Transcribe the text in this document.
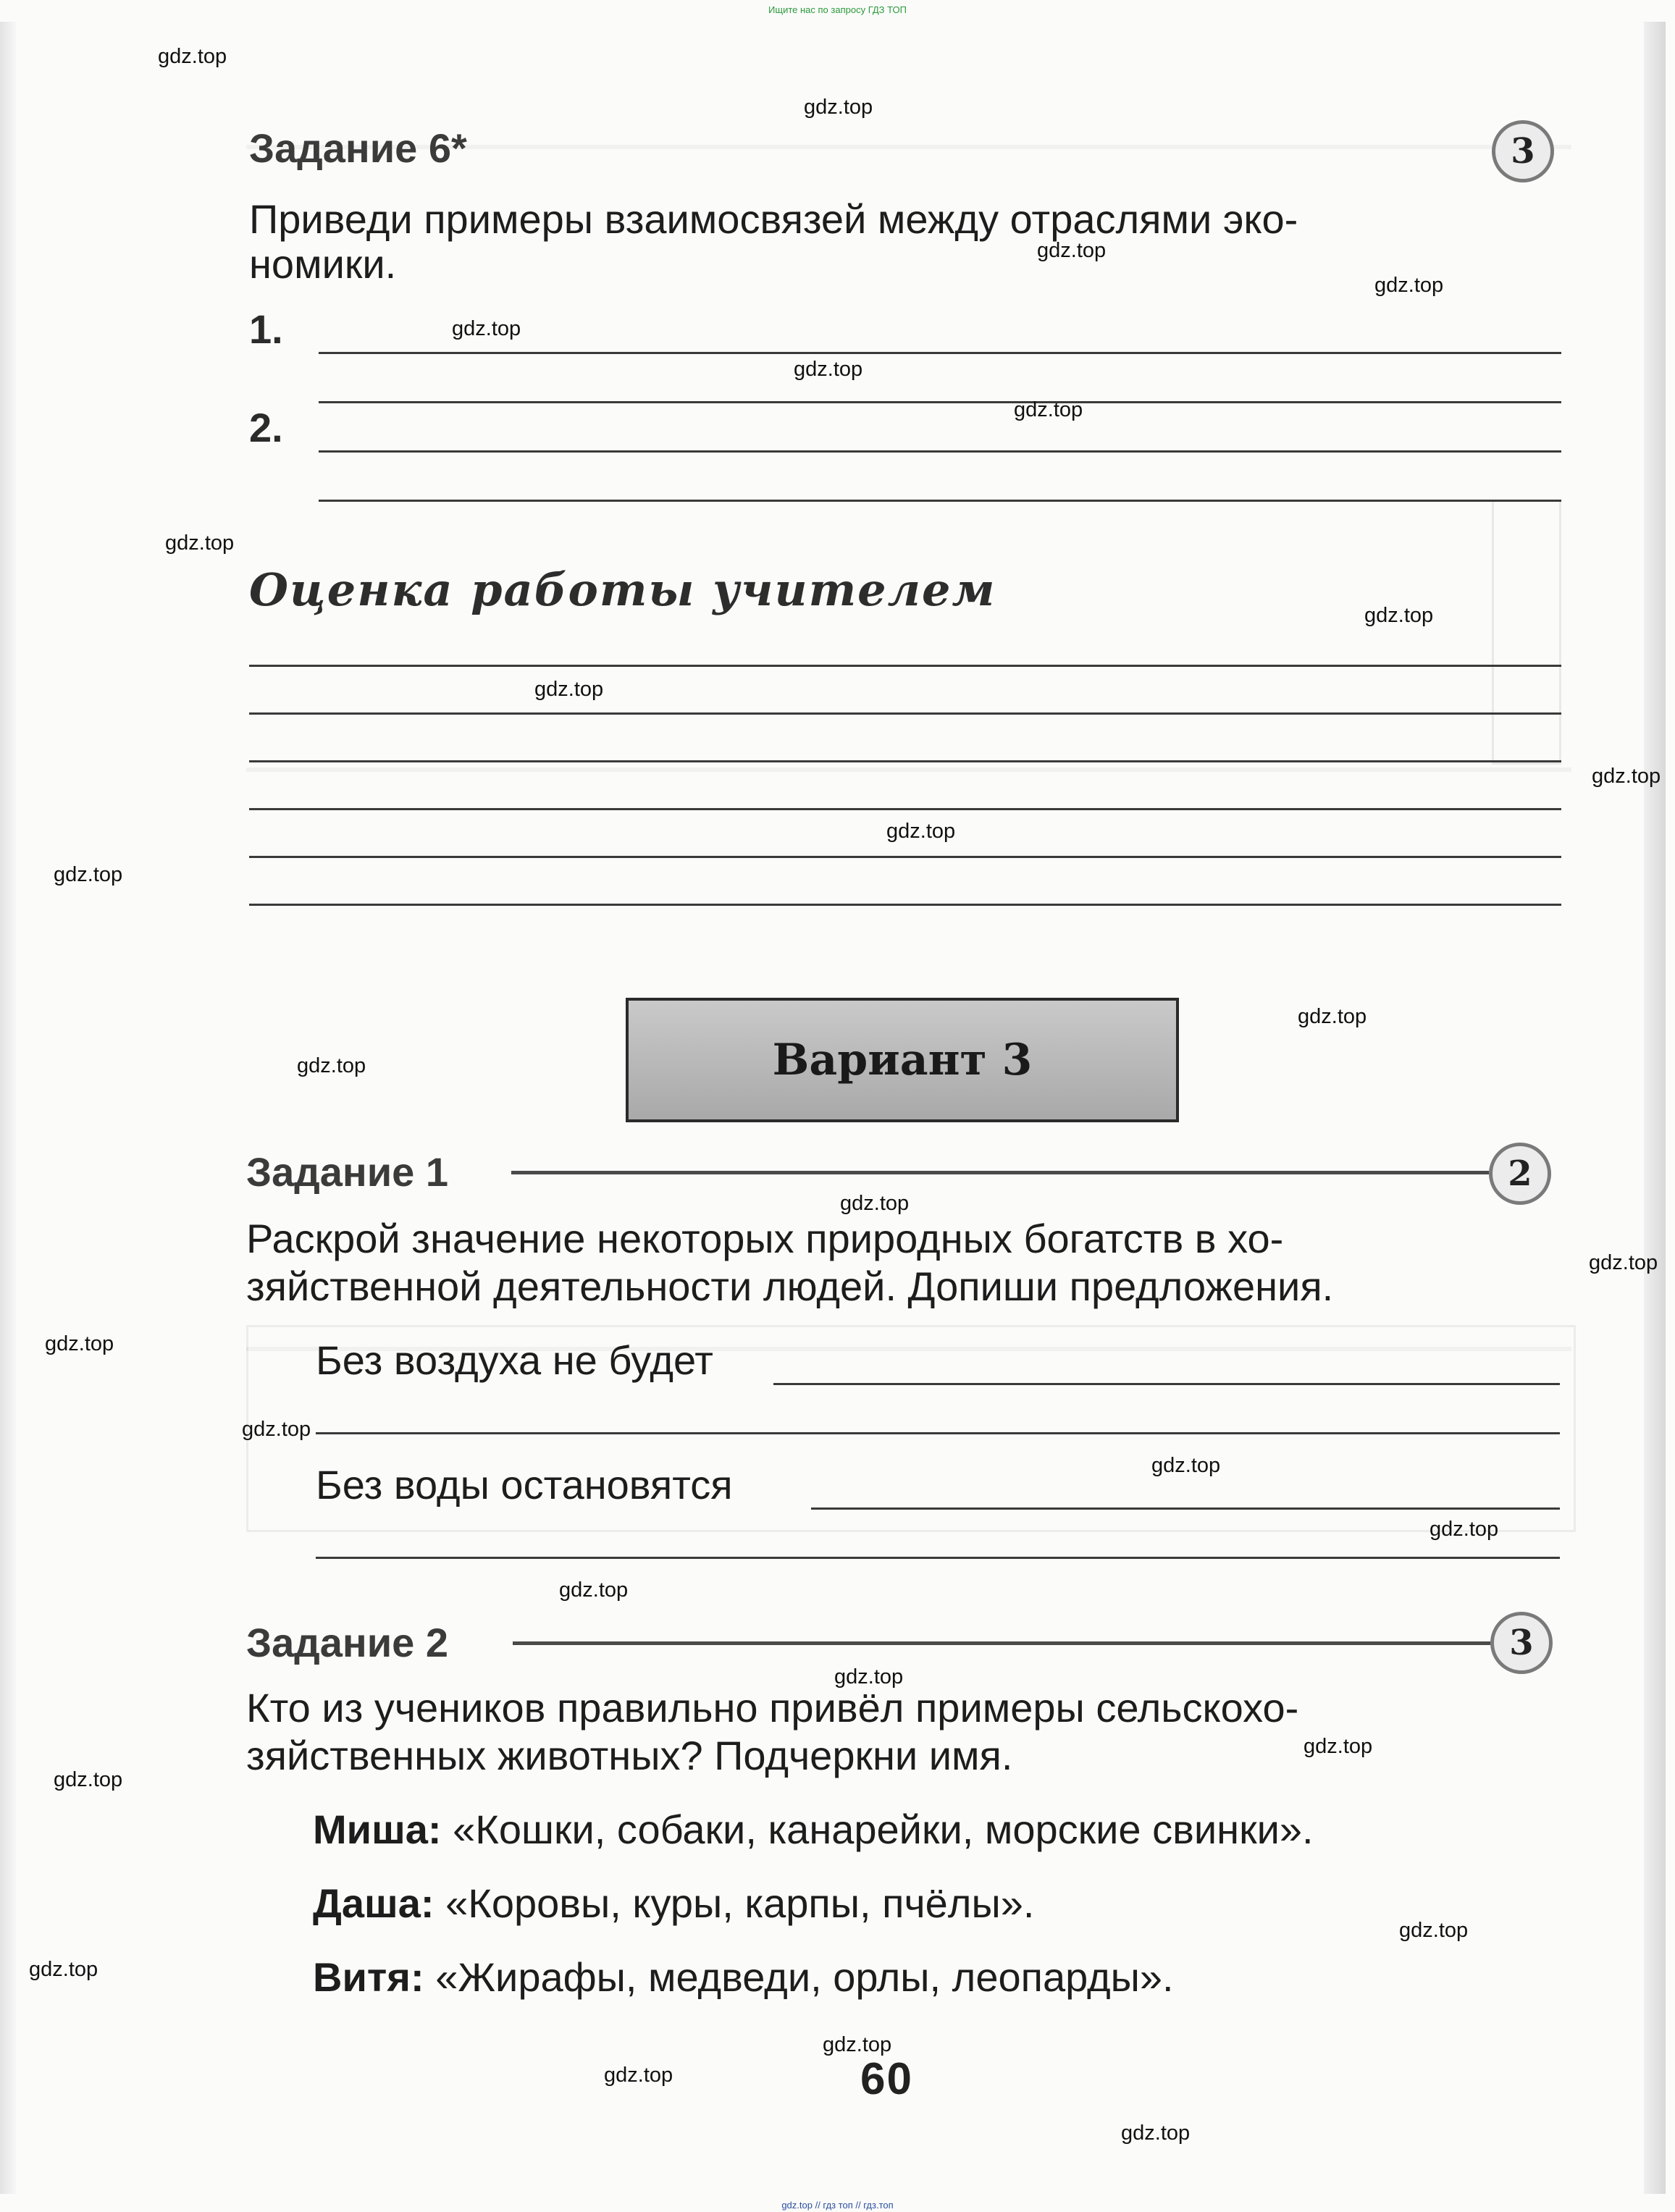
Ищите нас по запросу ГДЗ ТОП
gdz.top // гдз топ // гдз.топ
Задание 6*	3
Приведи примеры взаимосвязей между отраслями эко-
номики.
1.
2.
Оценка работы учителем
Вариант 3
Задание 1	2
Раскрой значение некоторых природных богатств в хо-
зяйственной деятельности людей. Допиши предложения.
Без воздуха не будет
Без воды остановятся
Задание 2	3
Кто из учеников правильно привёл примеры сельскохо-
зяйственных животных? Подчеркни имя.
Миша: «Кошки, собаки, канарейки, морские свинки».
Даша: «Коровы, куры, карпы, пчёлы».
Витя: «Жирафы, медведи, орлы, леопарды».
60
gdz.top
gdz.top
gdz.top
gdz.top
gdz.top
gdz.top
gdz.top
gdz.top
gdz.top
gdz.top
gdz.top
gdz.top
gdz.top
gdz.top
gdz.top
gdz.top
gdz.top
gdz.top
gdz.top
gdz.top
gdz.top
gdz.top
gdz.top
gdz.top
gdz.top
gdz.top
gdz.top
gdz.top
gdz.top
gdz.top
